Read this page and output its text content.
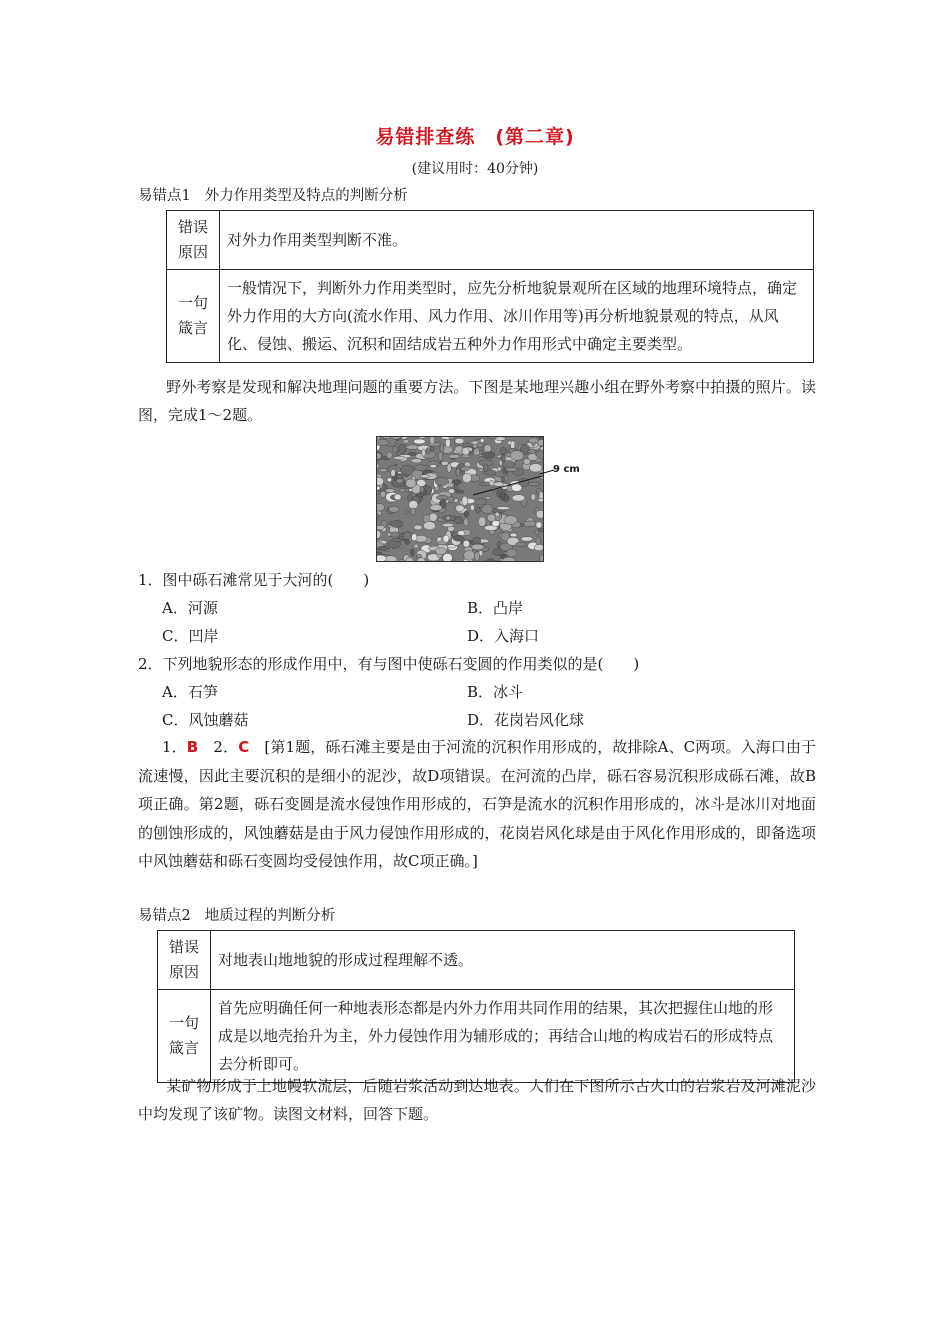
易错排查练　(第二章)
(建议用时：40分钟)
易错点1 外力作用类型及特点的判断分析
错误
原因	对外力作用类型判断不准。
一句
箴言	一般情况下，判断外力作用类型时，应先分析地貌景观所在区域的地理环境特点，确定外力作用的大方向(流水作用、风力作用、冰川作用等)再分析地貌景观的特点，从风化、侵蚀、搬运、沉积和固结成岩五种外力作用形式中确定主要类型。
野外考察是发现和解决地理问题的重要方法。下图是某地理兴趣小组在野外考察中拍摄的照片。读图，完成1～2题。
9 cm
1．图中砾石滩常见于大河的(　　)
A．河源	B．凸岸
C．凹岸	D．入海口
2．下列地貌形态的形成作用中，有与图中使砾石变圆的作用类似的是(　　)
A．石笋	B．冰斗
C．风蚀蘑菇	D．花岗岩风化球
1．B　 2．C　 [第1题，砾石滩主要是由于河流的沉积作用形成的，故排除A、C两项。入海口由于流速慢，因此主要沉积的是细小的泥沙，故D项错误。在河流的凸岸，砾石容易沉积形成砾石滩，故B项正确。第2题，砾石变圆是流水侵蚀作用形成的，石笋是流水的沉积作用形成的，冰斗是冰川对地面的刨蚀形成的，风蚀蘑菇是由于风力侵蚀作用形成的，花岗岩风化球是由于风化作用形成的，即备选项中风蚀蘑菇和砾石变圆均受侵蚀作用，故C项正确。]
易错点2 地质过程的判断分析
错误
原因	对地表山地地貌的形成过程理解不透。
一句
箴言	首先应明确任何一种地表形态都是内外力作用共同作用的结果，其次把握住山地的形成是以地壳抬升为主，外力侵蚀作用为辅形成的；再结合山地的构成岩石的形成特点去分析即可。
某矿物形成于上地幔软流层，后随岩浆活动到达地表。人们在下图所示古火山的岩浆岩及河滩泥沙中均发现了该矿物。读图文材料，回答下题。
